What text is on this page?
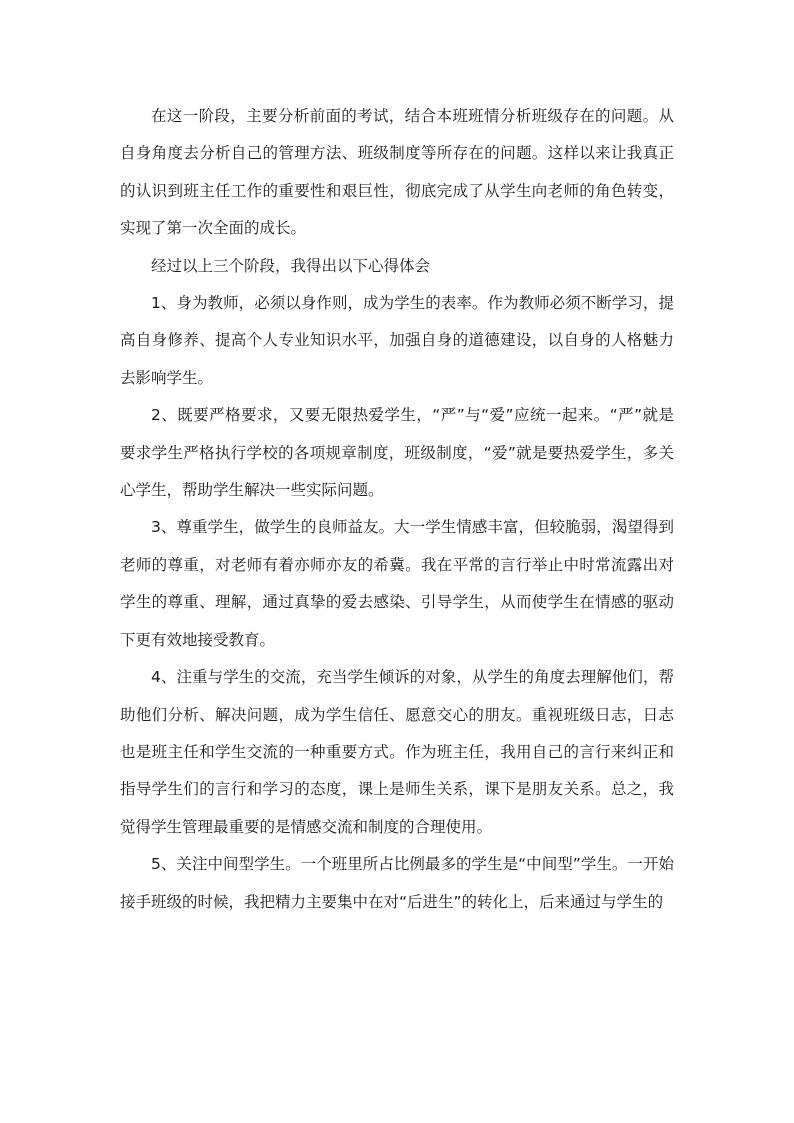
在这一阶段，主要分析前面的考试，结合本班班情分析班级存在的问题。从自身角度去分析自己的管理方法、班级制度等所存在的问题。这样以来让我真正的认识到班主任工作的重要性和艰巨性，彻底完成了从学生向老师的角色转变，实现了第一次全面的成长。

经过以上三个阶段，我得出以下心得体会

1、身为教师，必须以身作则，成为学生的表率。作为教师必须不断学习，提高自身修养、提高个人专业知识水平，加强自身的道德建设，以自身的人格魅力去影响学生。

2、既要严格要求，又要无限热爱学生，“严”与“爱”应统一起来。“严”就是要求学生严格执行学校的各项规章制度，班级制度，“爱”就是要热爱学生，多关心学生，帮助学生解决一些实际问题。

3、尊重学生，做学生的良师益友。大一学生情感丰富，但较脆弱，渴望得到老师的尊重，对老师有着亦师亦友的希冀。我在平常的言行举止中时常流露出对学生的尊重、理解，通过真挚的爱去感染、引导学生，从而使学生在情感的驱动下更有效地接受教育。

4、注重与学生的交流，充当学生倾诉的对象，从学生的角度去理解他们，帮助他们分析、解决问题，成为学生信任、愿意交心的朋友。重视班级日志，日志也是班主任和学生交流的一种重要方式。作为班主任，我用自己的言行来纠正和指导学生们的言行和学习的态度，课上是师生关系，课下是朋友关系。总之，我觉得学生管理最重要的是情感交流和制度的合理使用。

5、关注中间型学生。一个班里所占比例最多的学生是“中间型”学生。一开始接手班级的时候，我把精力主要集中在对“后进生”的转化上，后来通过与学生的
